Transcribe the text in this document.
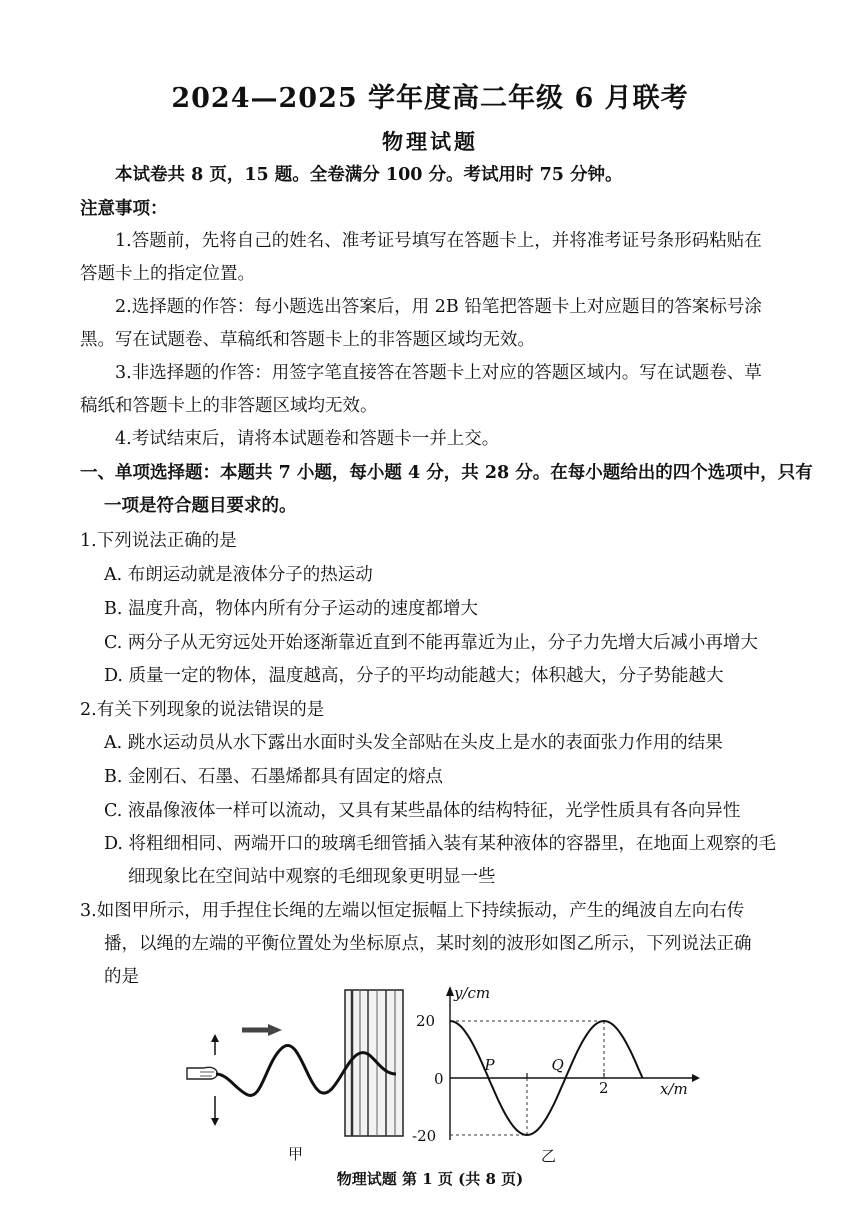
2024—2025 学年度高二年级 6 月联考
物理试题
本试卷共 8 页，15 题。全卷满分 100 分。考试用时 75 分钟。
注意事项：
1.答题前，先将自己的姓名、准考证号填写在答题卡上，并将准考证号条形码粘贴在
答题卡上的指定位置。
2.选择题的作答：每小题选出答案后，用 2B 铅笔把答题卡上对应题目的答案标号涂
黑。写在试题卷、草稿纸和答题卡上的非答题区域均无效。
3.非选择题的作答：用签字笔直接答在答题卡上对应的答题区域内。写在试题卷、草
稿纸和答题卡上的非答题区域均无效。
4.考试结束后，请将本试题卷和答题卡一并上交。
一、单项选择题：本题共 7 小题，每小题 4 分，共 28 分。在每小题给出的四个选项中，只有
一项是符合题目要求的。
1.下列说法正确的是
A. 布朗运动就是液体分子的热运动
B. 温度升高，物体内所有分子运动的速度都增大
C. 两分子从无穷远处开始逐渐靠近直到不能再靠近为止，分子力先增大后减小再增大
D. 质量一定的物体，温度越高，分子的平均动能越大；体积越大，分子势能越大
2.有关下列现象的说法错误的是
A. 跳水运动员从水下露出水面时头发全部贴在头皮上是水的表面张力作用的结果
B. 金刚石、石墨、石墨烯都具有固定的熔点
C. 液晶像液体一样可以流动，又具有某些晶体的结构特征，光学性质具有各向异性
D. 将粗细相同、两端开口的玻璃毛细管插入装有某种液体的容器里，在地面上观察的毛
细现象比在空间站中观察的毛细现象更明显一些
3.如图甲所示，用手捏住长绳的左端以恒定振幅上下持续振动，产生的绳波自左向右传
播，以绳的左端的平衡位置处为坐标原点，某时刻的波形如图乙所示，下列说法正确
的是
y/cm
x/m
20
0
-20
2
P	Q
甲	乙
物理试题 第 1 页 (共 8 页)
